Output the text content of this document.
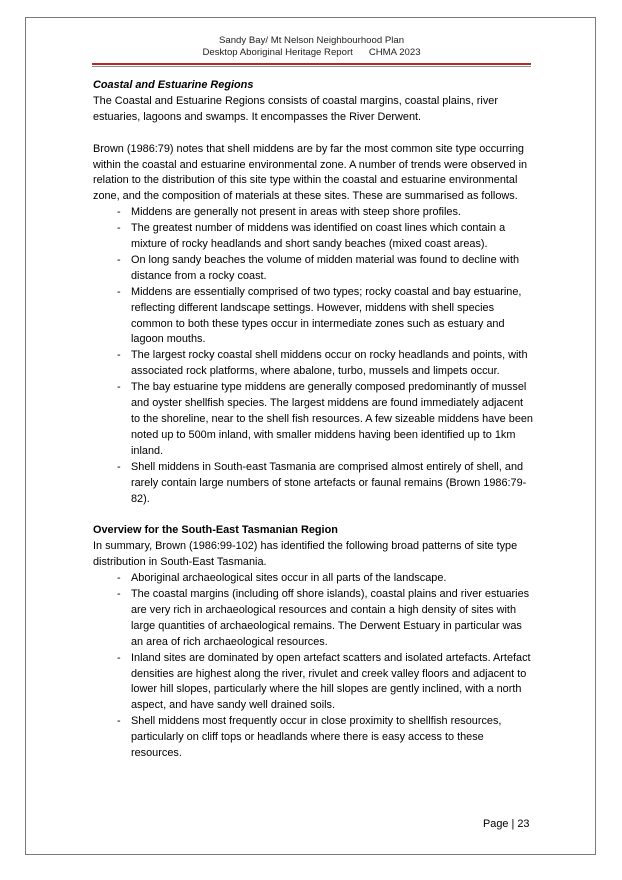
Sandy Bay/ Mt Nelson Neighbourhood Plan
Desktop Aboriginal Heritage Report      CHMA 2023
Coastal and Estuarine Regions

The Coastal and Estuarine Regions consists of coastal margins, coastal plains, river estuaries, lagoons and swamps. It encompasses the River Derwent.

Brown (1986:79) notes that shell middens are by far the most common site type occurring within the coastal and estuarine environmental zone. A number of trends were observed in relation to the distribution of this site type within the coastal and estuarine environmental zone, and the composition of materials at these sites. These are summarised as follows.

- Middens are generally not present in areas with steep shore profiles.
- The greatest number of middens was identified on coast lines which contain a mixture of rocky headlands and short sandy beaches (mixed coast areas).
- On long sandy beaches the volume of midden material was found to decline with distance from a rocky coast.
- Middens are essentially comprised of two types; rocky coastal and bay estuarine, reflecting different landscape settings. However, middens with shell species common to both these types occur in intermediate zones such as estuary and lagoon mouths.
- The largest rocky coastal shell middens occur on rocky headlands and points, with associated rock platforms, where abalone, turbo, mussels and limpets occur.
- The bay estuarine type middens are generally composed predominantly of mussel and oyster shellfish species. The largest middens are found immediately adjacent to the shoreline, near to the shell fish resources. A few sizeable middens have been noted up to 500m inland, with smaller middens having been identified up to 1km inland.
- Shell middens in South-east Tasmania are comprised almost entirely of shell, and rarely contain large numbers of stone artefacts or faunal remains (Brown 1986:79-82).
Overview for the South-East Tasmanian Region

In summary, Brown (1986:99-102) has identified the following broad patterns of site type distribution in South-East Tasmania.

- Aboriginal archaeological sites occur in all parts of the landscape.
- The coastal margins (including off shore islands), coastal plains and river estuaries are very rich in archaeological resources and contain a high density of sites with large quantities of archaeological remains. The Derwent Estuary in particular was an area of rich archaeological resources.
- Inland sites are dominated by open artefact scatters and isolated artefacts. Artefact densities are highest along the river, rivulet and creek valley floors and adjacent to lower hill slopes, particularly where the hill slopes are gently inclined, with a north aspect, and have sandy well drained soils.
- Shell middens most frequently occur in close proximity to shellfish resources, particularly on cliff tops or headlands where there is easy access to these resources.
Page | 23
